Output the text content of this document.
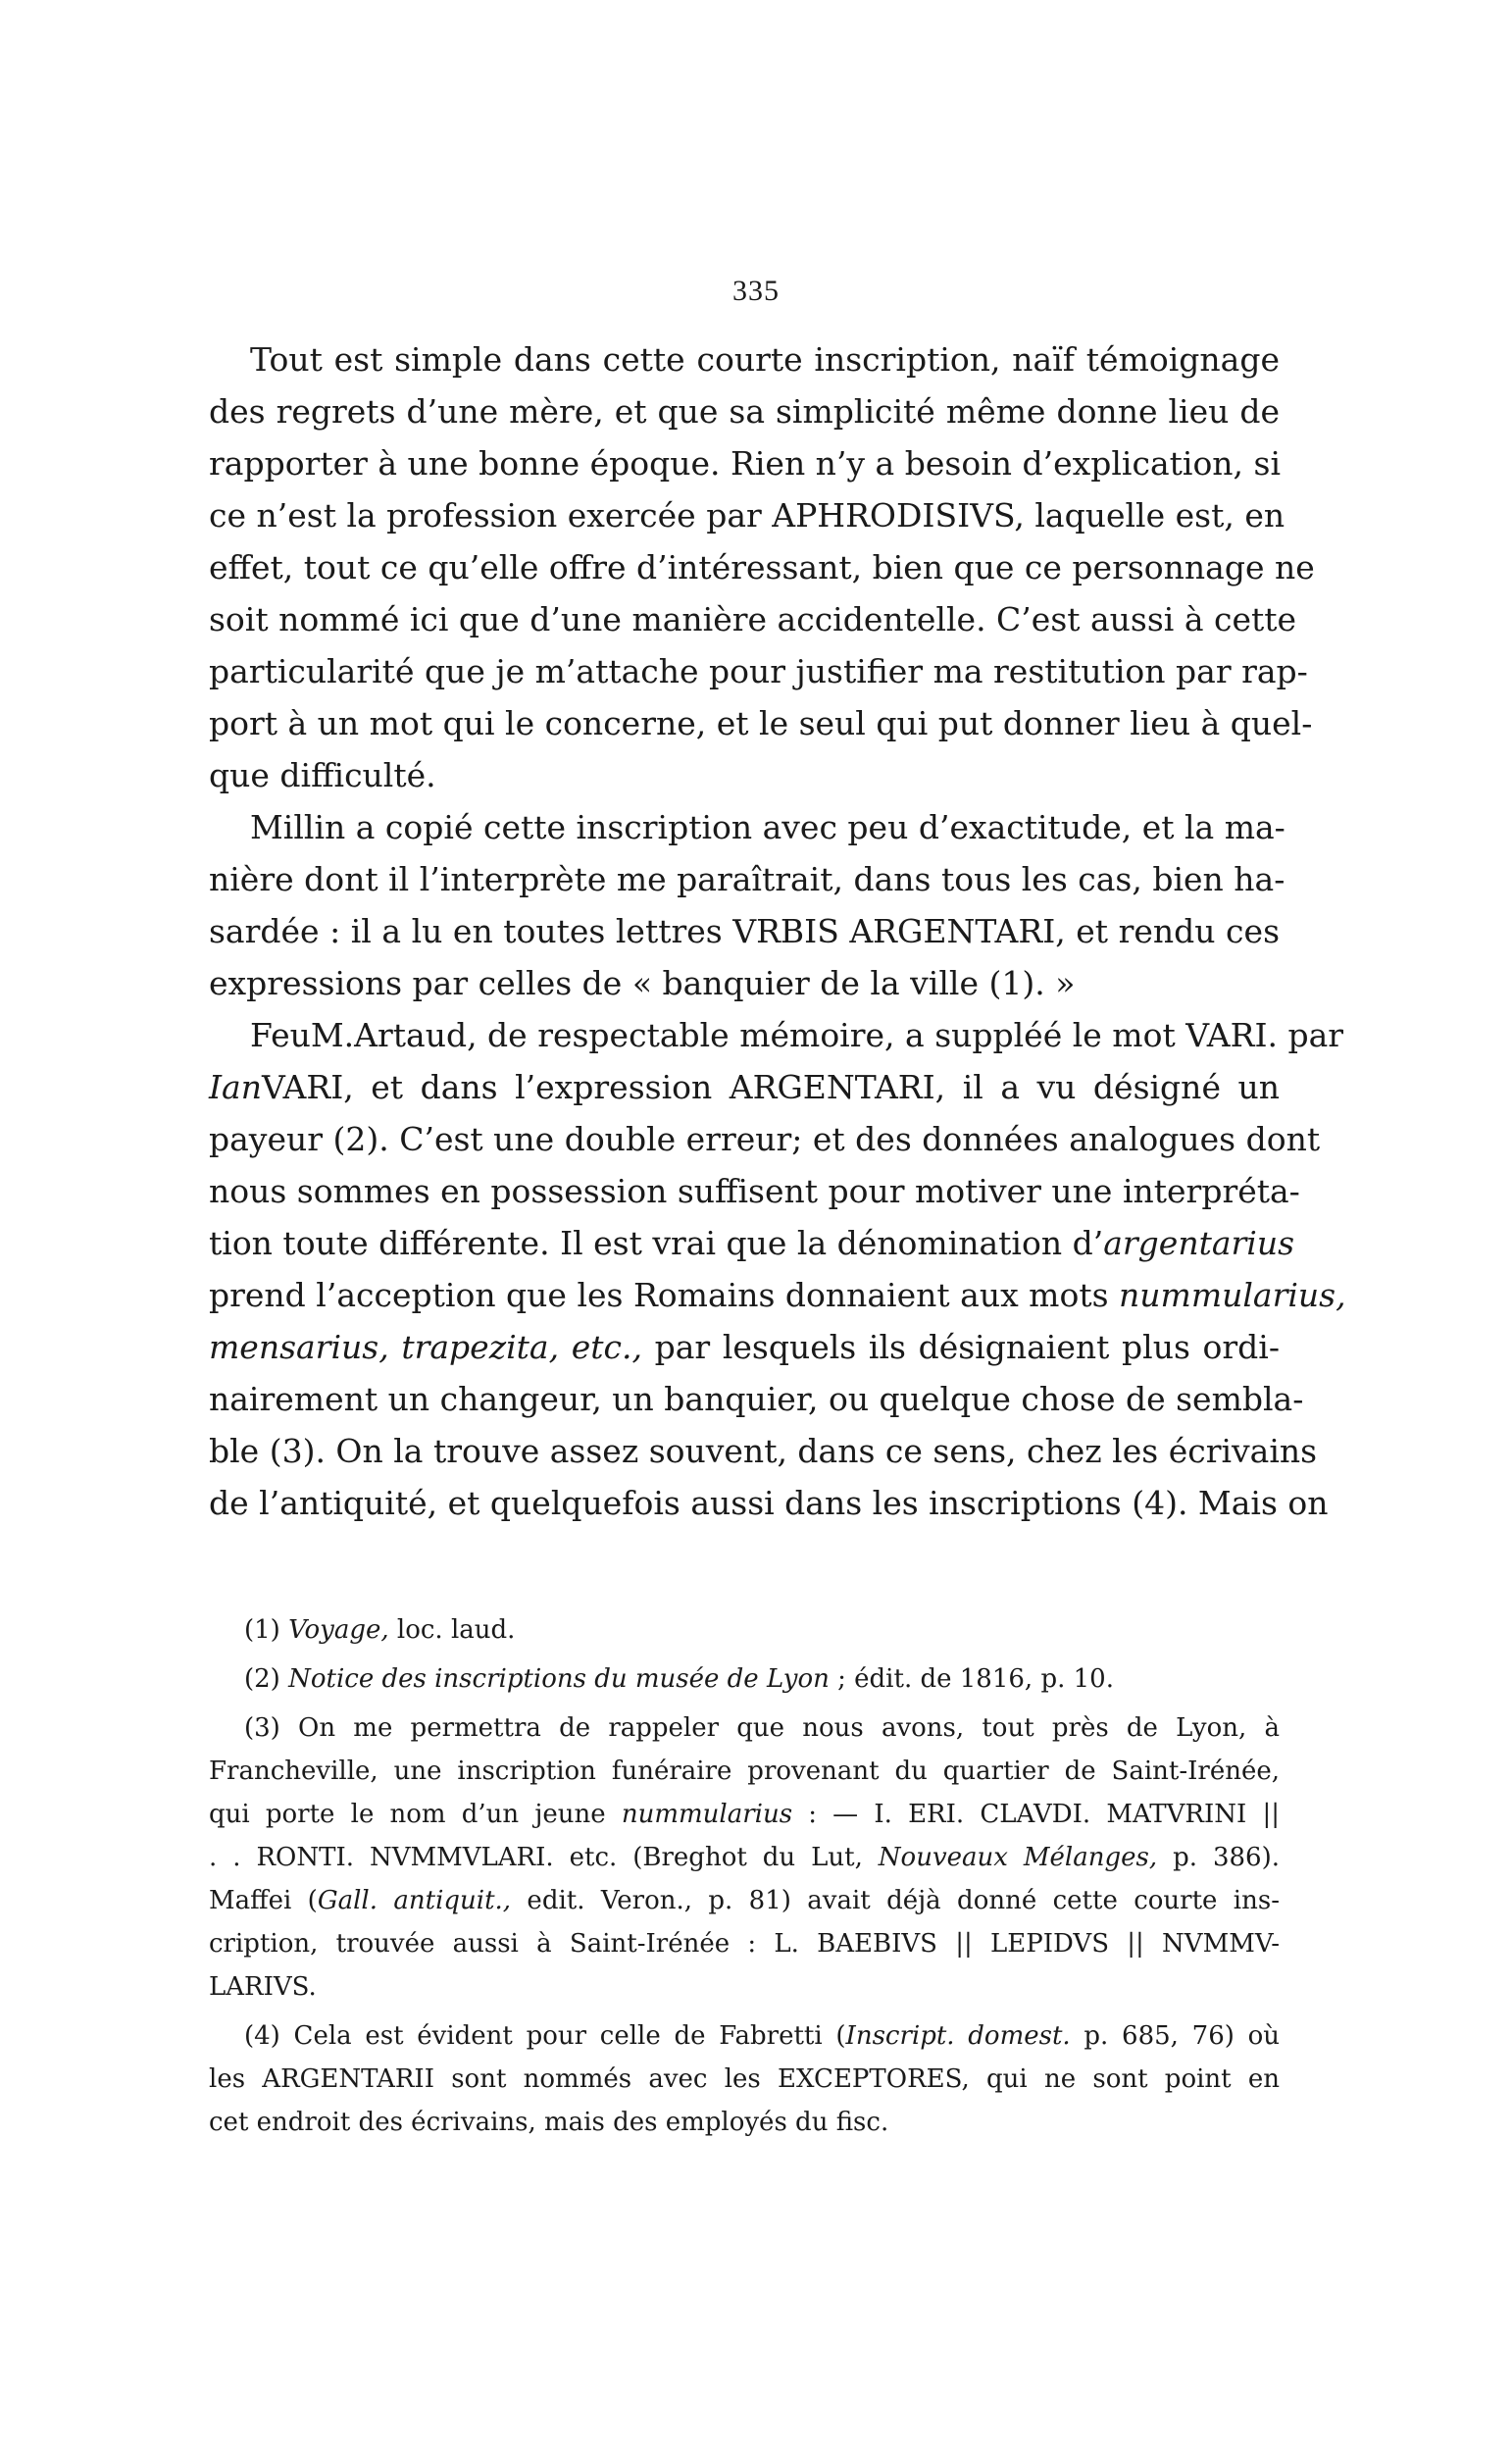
335
Tout est simple dans cette courte inscription, naïf témoignage
des regrets d’une mère, et que sa simplicité même donne lieu de
rapporter à une bonne époque. Rien n’y a besoin d’explication, si
ce n’est la profession exercée par APHRODISIVS, laquelle est, en
effet, tout ce qu’elle offre d’intéressant, bien que ce personnage ne
soit nommé ici que d’une manière accidentelle. C’est aussi à cette
particularité que je m’attache pour justifier ma restitution par rap-
port à un mot qui le concerne, et le seul qui put donner lieu à quel-
que difficulté.
Millin a copié cette inscription avec peu d’exactitude, et la ma-
nière dont il l’interprète me paraîtrait, dans tous les cas, bien ha-
sardée : il a lu en toutes lettres VRBIS ARGENTARI, et rendu ces
expressions par celles de « banquier de la ville (1). »
FeuM.Artaud, de respectable mémoire, a suppléé le mot VARI. par
IanVARI, et dans l’expression ARGENTARI, il a vu désigné un
payeur (2). C’est une double erreur; et des données analogues dont
nous sommes en possession suffisent pour motiver une interpréta-
tion toute différente. Il est vrai que la dénomination d’argentarius
prend l’acception que les Romains donnaient aux mots nummularius,
mensarius, trapezita, etc., par lesquels ils désignaient plus ordi-
nairement un changeur, un banquier, ou quelque chose de sembla-
ble (3). On la trouve assez souvent, dans ce sens, chez les écrivains
de l’antiquité, et quelquefois aussi dans les inscriptions (4). Mais on
(1) Voyage, loc. laud.
(2) Notice des inscriptions du musée de Lyon ; édit. de 1816, p. 10.
(3) On me permettra de rappeler que nous avons, tout près de Lyon, à
Francheville, une inscription funéraire provenant du quartier de Saint-Irénée,
qui porte le nom d’un jeune nummularius : — I. ERI. CLAVDI. MATVRINI ||
. . RONTI. NVMMVLARI. etc. (Breghot du Lut, Nouveaux Mélanges, p. 386).
Maffei (Gall. antiquit., edit. Veron., p. 81) avait déjà donné cette courte ins-
cription, trouvée aussi à Saint-Irénée : L. BAEBIVS || LEPIDVS || NVMMV-
LARIVS.
(4) Cela est évident pour celle de Fabretti (Inscript. domest. p. 685, 76) où
les ARGENTARII sont nommés avec les EXCEPTORES, qui ne sont point en
cet endroit des écrivains, mais des employés du fisc.
